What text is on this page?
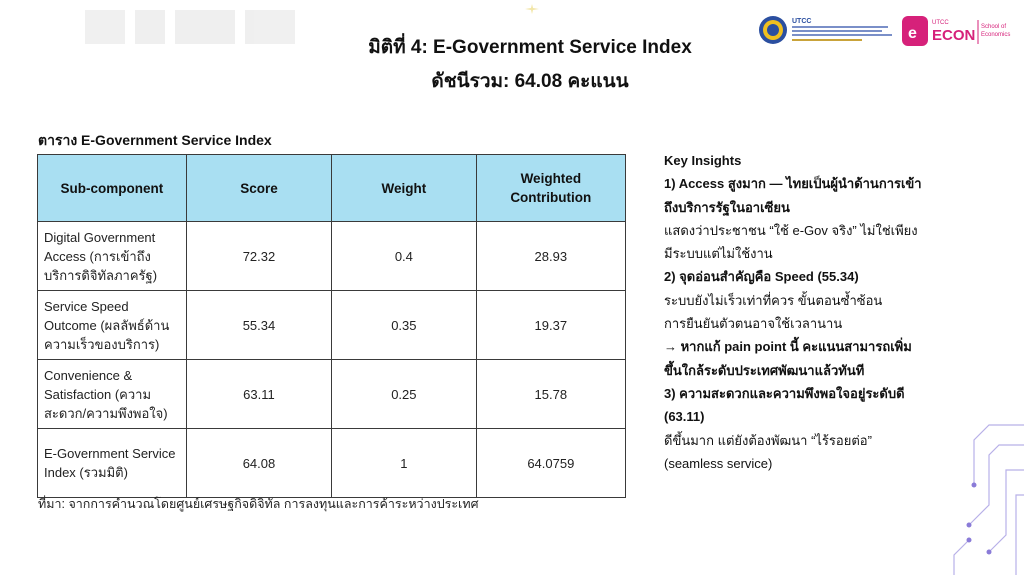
มิติที่ 4: E-Government Service Index
ดัชนีรวม: 64.08 คะแนน
UTCC
e
UTCC
ECON School of
Economics
ตาราง E-Government Service Index
Sub-component	Score	Weight	Weighted Contribution
Digital Government Access (การเข้าถึงบริการดิจิทัลภาครัฐ)	72.32	0.4	28.93
Service Speed Outcome (ผลลัพธ์ด้านความเร็วของบริการ)	55.34	0.35	19.37
Convenience & Satisfaction (ความสะดวก/ความพึงพอใจ)	63.11	0.25	15.78
E-Government Service Index (รวมมิติ)	64.08	1	64.0759
ที่มา: จากการคำนวณโดยศูนย์เศรษฐกิจดิจิทัล การลงทุนและการค้าระหว่างประเทศ
Key Insights
1) Access สูงมาก — ไทยเป็นผู้นำด้านการเข้า
ถึงบริการรัฐในอาเซียน
แสดงว่าประชาชน “ใช้ e-Gov จริง” ไม่ใช่เพียง
มีระบบแต่ไม่ใช้งาน
2) จุดอ่อนสำคัญคือ Speed (55.34)
ระบบยังไม่เร็วเท่าที่ควร ขั้นตอนซ้ำซ้อน
การยืนยันตัวตนอาจใช้เวลานาน
→ หากแก้ pain point นี้ คะแนนสามารถเพิ่ม
ขึ้นใกล้ระดับประเทศพัฒนาแล้วทันที
3) ความสะดวกและความพึงพอใจอยู่ระดับดี
(63.11)
ดีขึ้นมาก แต่ยังต้องพัฒนา “ไร้รอยต่อ”
(seamless service)
